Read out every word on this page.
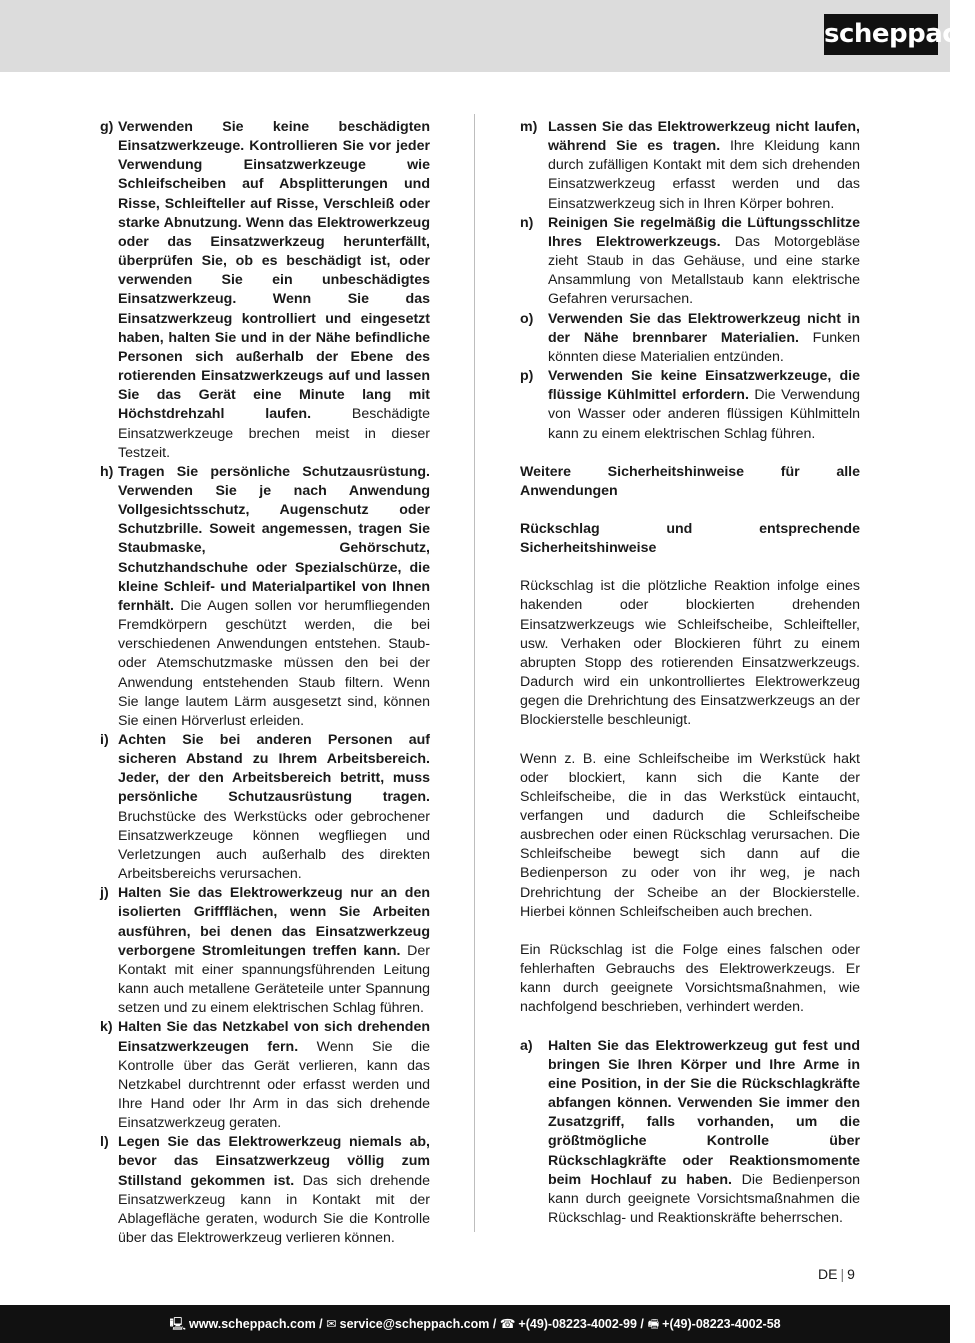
scheppach
g) Verwenden Sie keine beschädigten Einsatzwerkzeuge. Kontrollieren Sie vor jeder Verwendung Einsatzwerkzeuge wie Schleifscheiben auf Absplitterungen und Risse, Schleifteller auf Risse, Verschleiß oder starke Abnutzung. Wenn das Elektrowerkzeug oder das Einsatzwerkzeug herunterfällt, überprüfen Sie, ob es beschädigt ist, oder verwenden Sie ein unbeschädigtes Einsatzwerkzeug. Wenn Sie das Einsatzwerkzeug kontrolliert und eingesetzt haben, halten Sie und in der Nähe befindliche Personen sich außerhalb der Ebene des rotierenden Einsatzwerkzeugs auf und lassen Sie das Gerät eine Minute lang mit Höchstdrehzahl laufen. Beschädigte Einsatzwerkzeuge brechen meist in dieser Testzeit.
h) Tragen Sie persönliche Schutzausrüstung. Verwenden Sie je nach Anwendung Vollgesichtsschutz, Augenschutz oder Schutzbrille. Soweit angemessen, tragen Sie Staubmaske, Gehörschutz, Schutzhandschuhe oder Spezialschürze, die kleine Schleif- und Materialpartikel von Ihnen fernhält. Die Augen sollen vor herumfliegenden Fremdkörpern geschützt werden, die bei verschiedenen Anwendungen entstehen. Staub- oder Atemschutzmaske müssen den bei der Anwendung entstehenden Staub filtern. Wenn Sie lange lautem Lärm ausgesetzt sind, können Sie einen Hörverlust erleiden.
i) Achten Sie bei anderen Personen auf sicheren Abstand zu Ihrem Arbeitsbereich. Jeder, der den Arbeitsbereich betritt, muss persönliche Schutzausrüstung tragen. Bruchstücke des Werkstücks oder gebrochener Einsatzwerkzeuge können wegfliegen und Verletzungen auch außerhalb des direkten Arbeitsbereichs verursachen.
j) Halten Sie das Elektrowerkzeug nur an den isolierten Griffflächen, wenn Sie Arbeiten ausführen, bei denen das Einsatzwerkzeug verborgene Stromleitungen treffen kann. Der Kontakt mit einer spannungsführenden Leitung kann auch metallene Geräteteile unter Spannung setzen und zu einem elektrischen Schlag führen.
k) Halten Sie das Netzkabel von sich drehenden Einsatzwerkzeugen fern. Wenn Sie die Kontrolle über das Gerät verlieren, kann das Netzkabel durchtrennt oder erfasst werden und Ihre Hand oder Ihr Arm in das sich drehende Einsatzwerkzeug geraten.
l) Legen Sie das Elektrowerkzeug niemals ab, bevor das Einsatzwerkzeug völlig zum Stillstand gekommen ist. Das sich drehende Einsatzwerkzeug kann in Kontakt mit der Ablagefläche geraten, wodurch Sie die Kontrolle über das Elektrowerkzeug verlieren können.
m) Lassen Sie das Elektrowerkzeug nicht laufen, während Sie es tragen. Ihre Kleidung kann durch zufälligen Kontakt mit dem sich drehenden Einsatzwerkzeug erfasst werden und das Einsatzwerkzeug sich in Ihren Körper bohren.
n)	Reinigen Sie regelmäßig die Lüftungsschlitze Ihres Elektrowerkzeugs. Das Motorgebläse zieht Staub in das Gehäuse, und eine starke Ansammlung von Metallstaub kann elektrische Gefahren verursachen.
o)	Verwenden Sie das Elektrowerkzeug nicht in der Nähe brennbarer Materialien. Funken könnten diese Materialien entzünden.
p)	Verwenden Sie keine Einsatzwerkzeuge, die flüssige Kühlmittel erfordern. Die Verwendung von Wasser oder anderen flüssigen Kühlmitteln kann zu einem elektrischen Schlag führen.

Weitere Sicherheitshinweise für alle Anwendungen

Rückschlag und entsprechende Sicherheitshinweise

Rückschlag ist die plötzliche Reaktion infolge eines hakenden oder blockierten drehenden Einsatzwerkzeugs wie Schleifscheibe, Schleifteller, usw. Verhaken oder Blockieren führt zu einem abrupten Stopp des rotierenden Einsatzwerkzeugs. Dadurch wird ein unkontrolliertes Elektrowerkzeug gegen die Drehrichtung des Einsatzwerkzeugs an der Blockierstelle beschleunigt.

Wenn z. B. eine Schleifscheibe im Werkstück hakt oder blockiert, kann sich die Kante der Schleifscheibe, die in das Werkstück eintaucht, verfangen und dadurch die Schleifscheibe ausbrechen oder einen Rückschlag verursachen. Die Schleifscheibe bewegt sich dann auf die Bedienperson zu oder von ihr weg, je nach Drehrichtung der Scheibe an der Blockierstelle. Hierbei können Schleifscheiben auch brechen.

Ein Rückschlag ist die Folge eines falschen oder fehlerhaften Gebrauchs des Elektrowerkzeugs. Er kann durch geeignete Vorsichtsmaßnahmen, wie nachfolgend beschrieben, verhindert werden.

a)	Halten Sie das Elektrowerkzeug gut fest und bringen Sie Ihren Körper und Ihre Arme in eine Position, in der Sie die Rückschlagkräfte abfangen können. Verwenden Sie immer den Zusatzgriff, falls vorhanden, um die größtmögliche Kontrolle über Rückschlagkräfte oder Reaktionsmomente beim Hochlauf zu haben. Die Bedienperson kann durch geeignete Vorsichtsmaßnahmen die Rückschlag- und Reaktionskräfte beherrschen.
DE | 9
🖳 www.scheppach.com / ✉ service@scheppach.com / ☎ +(49)-08223-4002-99 / 🖷 +(49)-08223-4002-58
